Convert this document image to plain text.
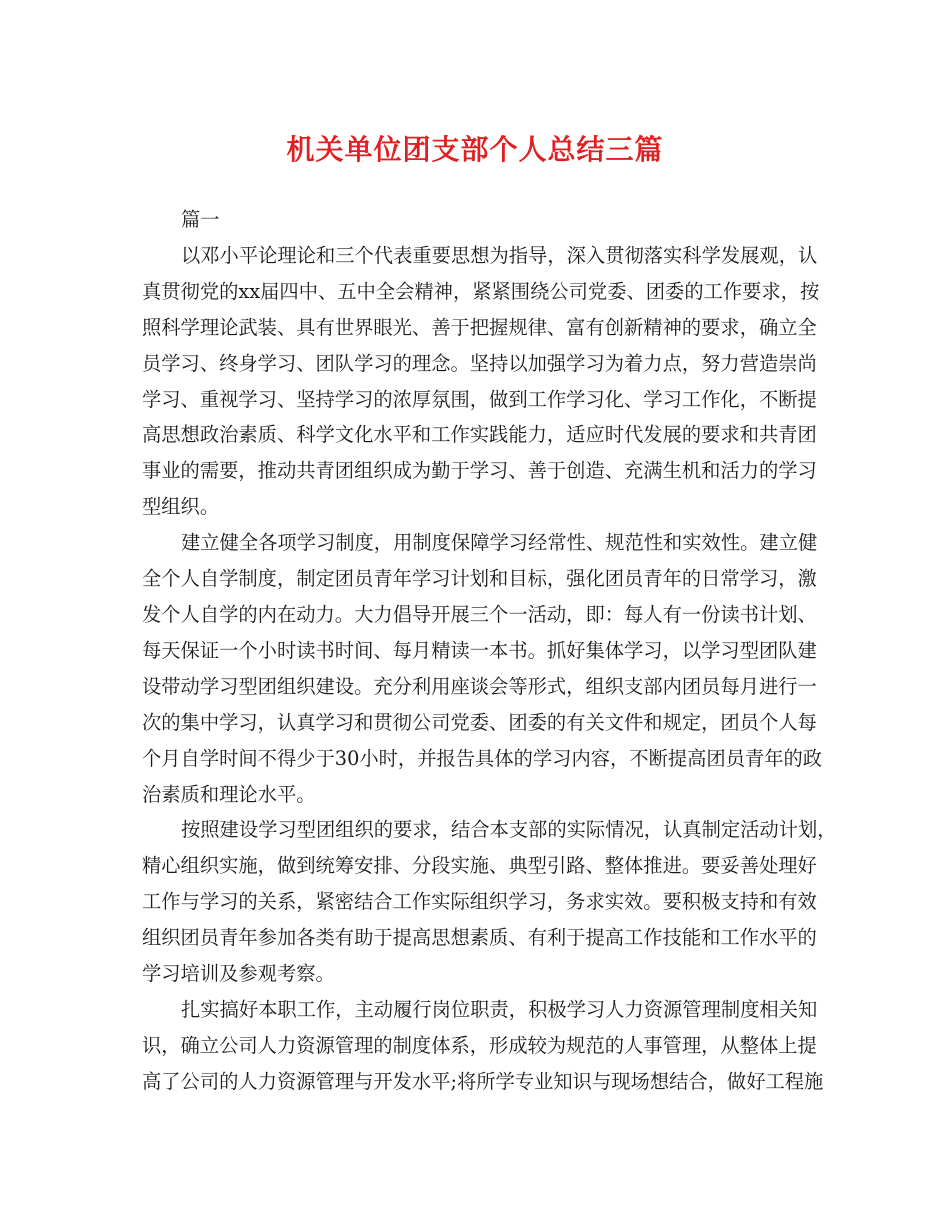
机关单位团支部个人总结三篇
篇一
以邓小平论理论和三个代表重要思想为指导，深入贯彻落实科学发展观，认
真贯彻党的xx届四中、五中全会精神，紧紧围绕公司党委、团委的工作要求，按
照科学理论武装、具有世界眼光、善于把握规律、富有创新精神的要求，确立全
员学习、终身学习、团队学习的理念。坚持以加强学习为着力点，努力营造崇尚
学习、重视学习、坚持学习的浓厚氛围，做到工作学习化、学习工作化，不断提
高思想政治素质、科学文化水平和工作实践能力，适应时代发展的要求和共青团
事业的需要，推动共青团组织成为勤于学习、善于创造、充满生机和活力的学习
型组织。
建立健全各项学习制度，用制度保障学习经常性、规范性和实效性。建立健
全个人自学制度，制定团员青年学习计划和目标，强化团员青年的日常学习，激
发个人自学的内在动力。大力倡导开展三个一活动，即：每人有一份读书计划、
每天保证一个小时读书时间、每月精读一本书。抓好集体学习，以学习型团队建
设带动学习型团组织建设。充分利用座谈会等形式，组织支部内团员每月进行一
次的集中学习，认真学习和贯彻公司党委、团委的有关文件和规定，团员个人每
个月自学时间不得少于30小时，并报告具体的学习内容，不断提高团员青年的政
治素质和理论水平。
按照建设学习型团组织的要求，结合本支部的实际情况，认真制定活动计划，
精心组织实施，做到统筹安排、分段实施、典型引路、整体推进。要妥善处理好
工作与学习的关系，紧密结合工作实际组织学习，务求实效。要积极支持和有效
组织团员青年参加各类有助于提高思想素质、有利于提高工作技能和工作水平的
学习培训及参观考察。
扎实搞好本职工作，主动履行岗位职责，积极学习人力资源管理制度相关知
识，确立公司人力资源管理的制度体系，形成较为规范的人事管理，从整体上提
高了公司的人力资源管理与开发水平;将所学专业知识与现场想结合，做好工程施
